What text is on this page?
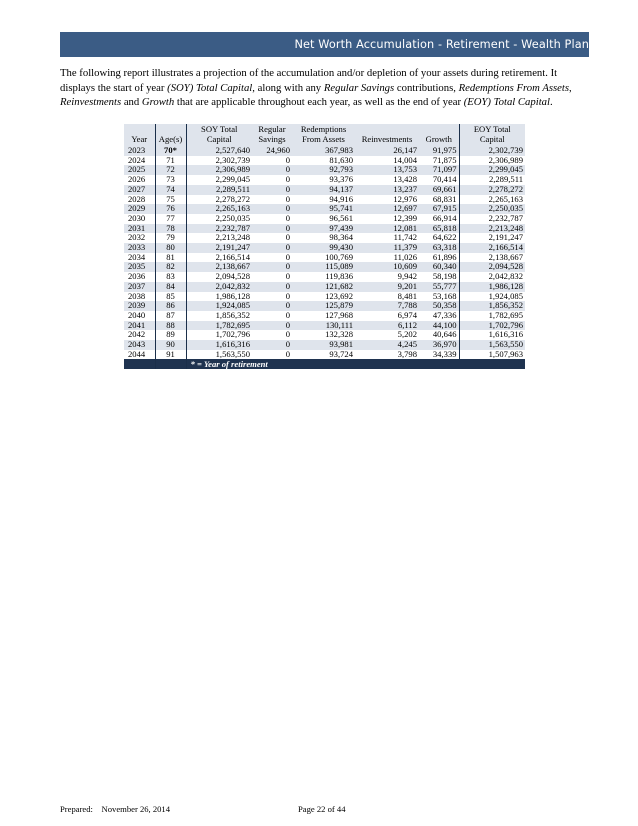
Net Worth Accumulation - Retirement - Wealth Plan

The following report illustrates a projection of the accumulation and/or depletion of your assets during retirement. It displays the start of year (SOY) Total Capital, along with any Regular Savings contributions, Redemptions From Assets, Reinvestments and Growth that are applicable throughout each year, as well as the end of year (EOY) Total Capital.

Year	Age(s)	SOY Total Capital	Regular Savings	Redemptions From Assets	Reinvestments	Growth	EOY Total Capital
2023	70*	2,527,640	24,960	367,983	26,147	91,975	2,302,739
2024	71	2,302,739	0	81,630	14,004	71,875	2,306,989
2025	72	2,306,989	0	92,793	13,753	71,097	2,299,045
2026	73	2,299,045	0	93,376	13,428	70,414	2,289,511
2027	74	2,289,511	0	94,137	13,237	69,661	2,278,272
2028	75	2,278,272	0	94,916	12,976	68,831	2,265,163
2029	76	2,265,163	0	95,741	12,697	67,915	2,250,035
2030	77	2,250,035	0	96,561	12,399	66,914	2,232,787
2031	78	2,232,787	0	97,439	12,081	65,818	2,213,248
2032	79	2,213,248	0	98,364	11,742	64,622	2,191,247
2033	80	2,191,247	0	99,430	11,379	63,318	2,166,514
2034	81	2,166,514	0	100,769	11,026	61,896	2,138,667
2035	82	2,138,667	0	115,089	10,609	60,340	2,094,528
2036	83	2,094,528	0	119,836	9,942	58,198	2,042,832
2037	84	2,042,832	0	121,682	9,201	55,777	1,986,128
2038	85	1,986,128	0	123,692	8,481	53,168	1,924,085
2039	86	1,924,085	0	125,879	7,788	50,358	1,856,352
2040	87	1,856,352	0	127,968	6,974	47,336	1,782,695
2041	88	1,782,695	0	130,111	6,112	44,100	1,702,796
2042	89	1,702,796	0	132,328	5,202	40,646	1,616,316
2043	90	1,616,316	0	93,981	4,245	36,970	1,563,550
2044	91	1,563,550	0	93,724	3,798	34,339	1,507,963
		* = Year of retirement					
Prepared: November 26, 2014	Page 22 of 44
